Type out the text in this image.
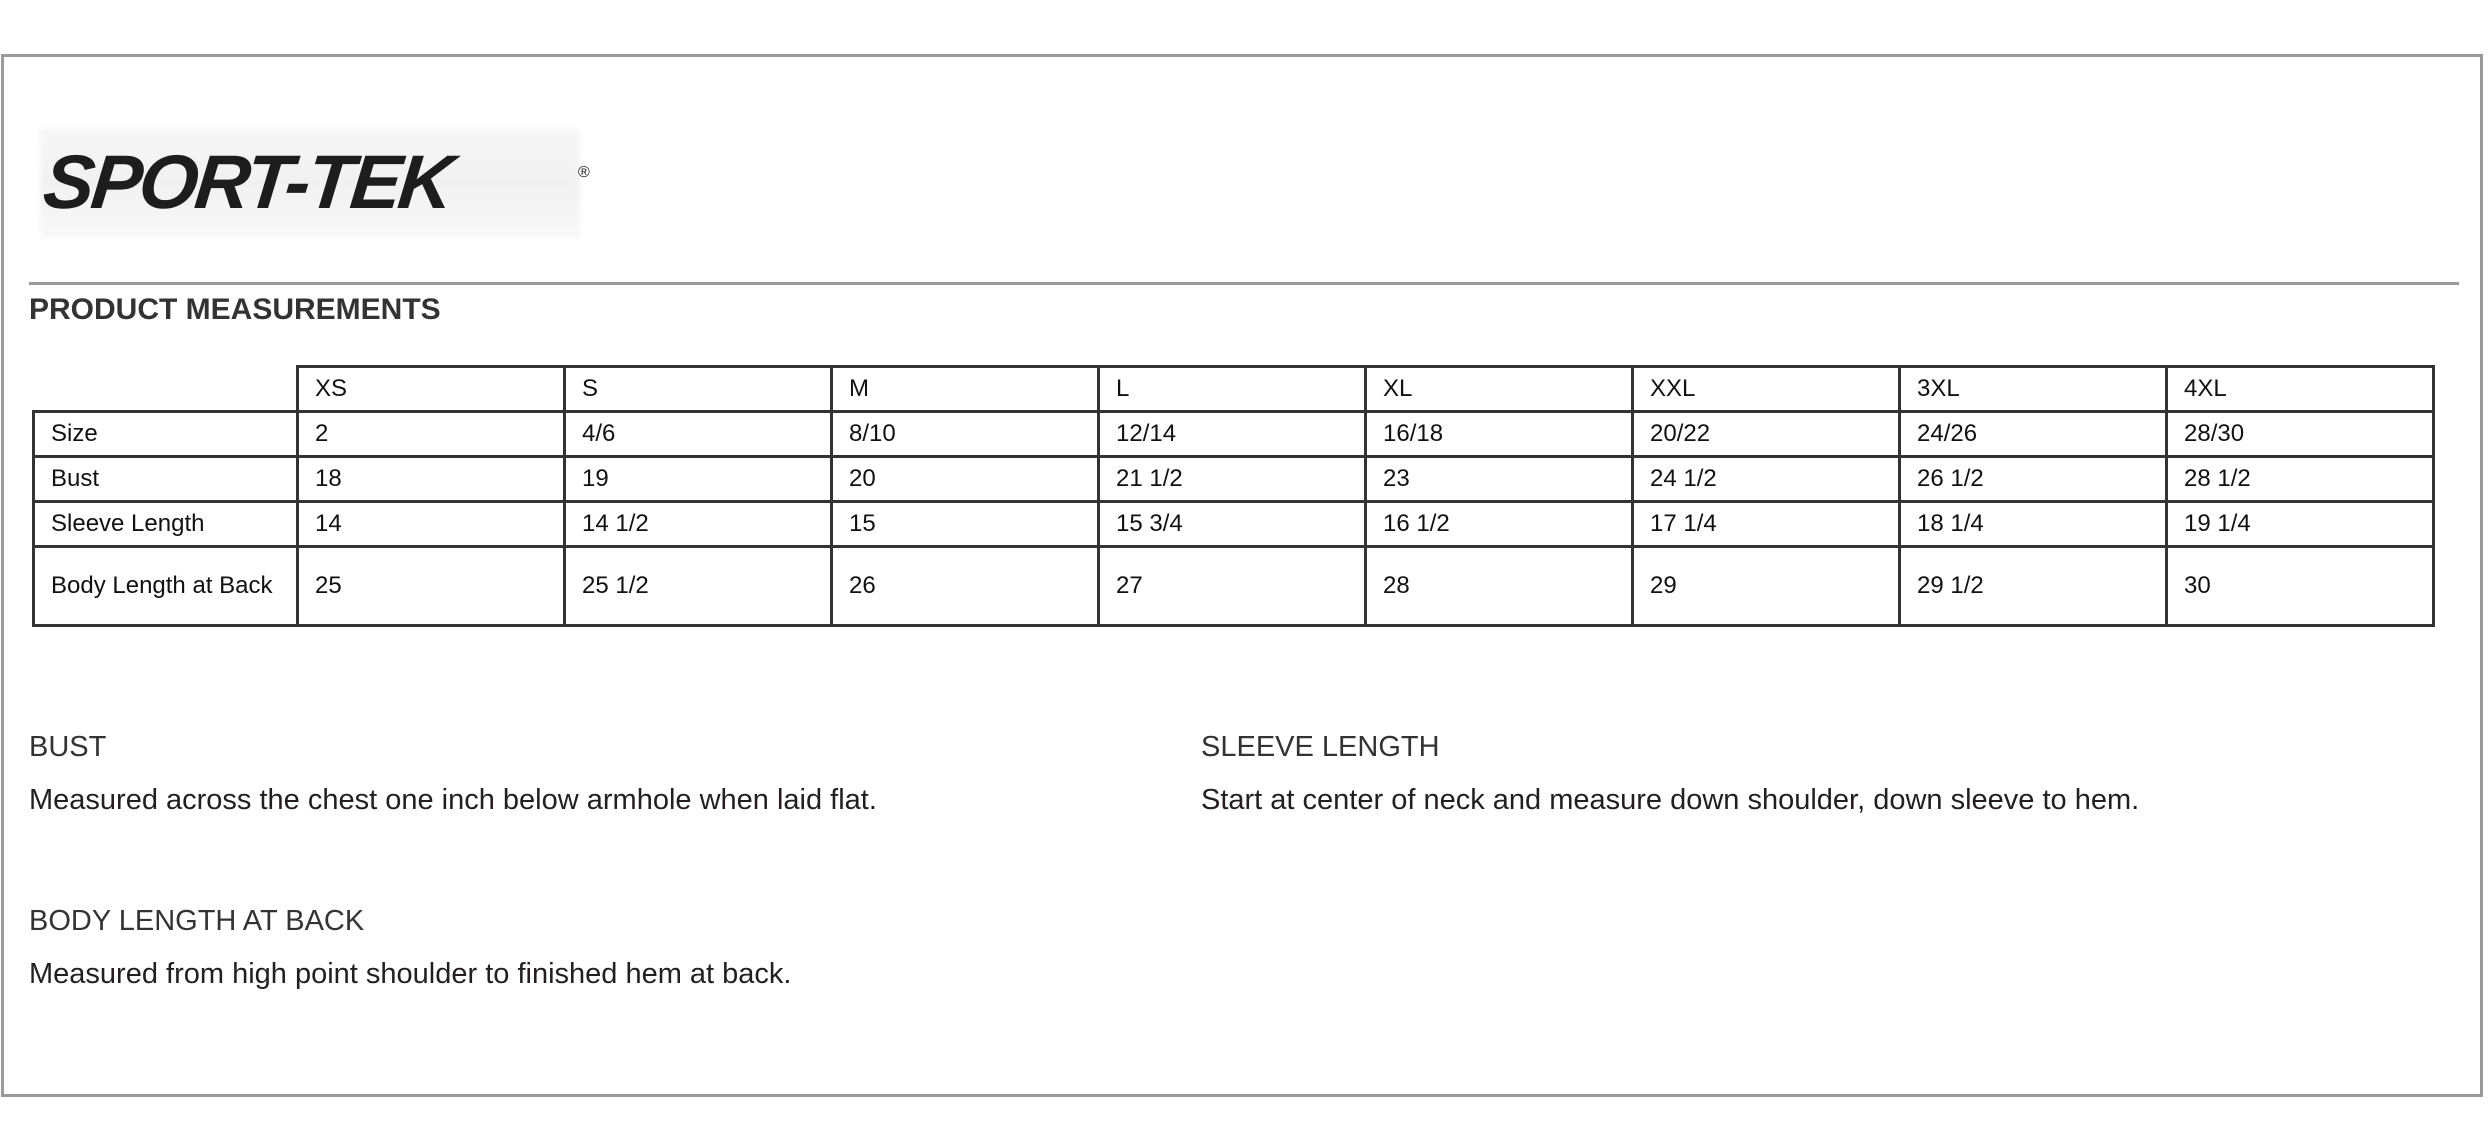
SPORT-TEK	®
PRODUCT MEASUREMENTS
	XS	S	M	L	XL	XXL	3XL	4XL
Size	2	4/6	8/10	12/14	16/18	20/22	24/26	28/30
Bust	18	19	20	21 1/2	23	24 1/2	26 1/2	28 1/2
Sleeve Length	14	14 1/2	15	15 3/4	16 1/2	17 1/4	18 1/4	19 1/4
Body Length at Back	25	25 1/2	26	27	28	29	29 1/2	30
BUST
Measured across the chest one inch below armhole when laid flat.
SLEEVE LENGTH
Start at center of neck and measure down shoulder, down sleeve to hem.
BODY LENGTH AT BACK
Measured from high point shoulder to finished hem at back.
